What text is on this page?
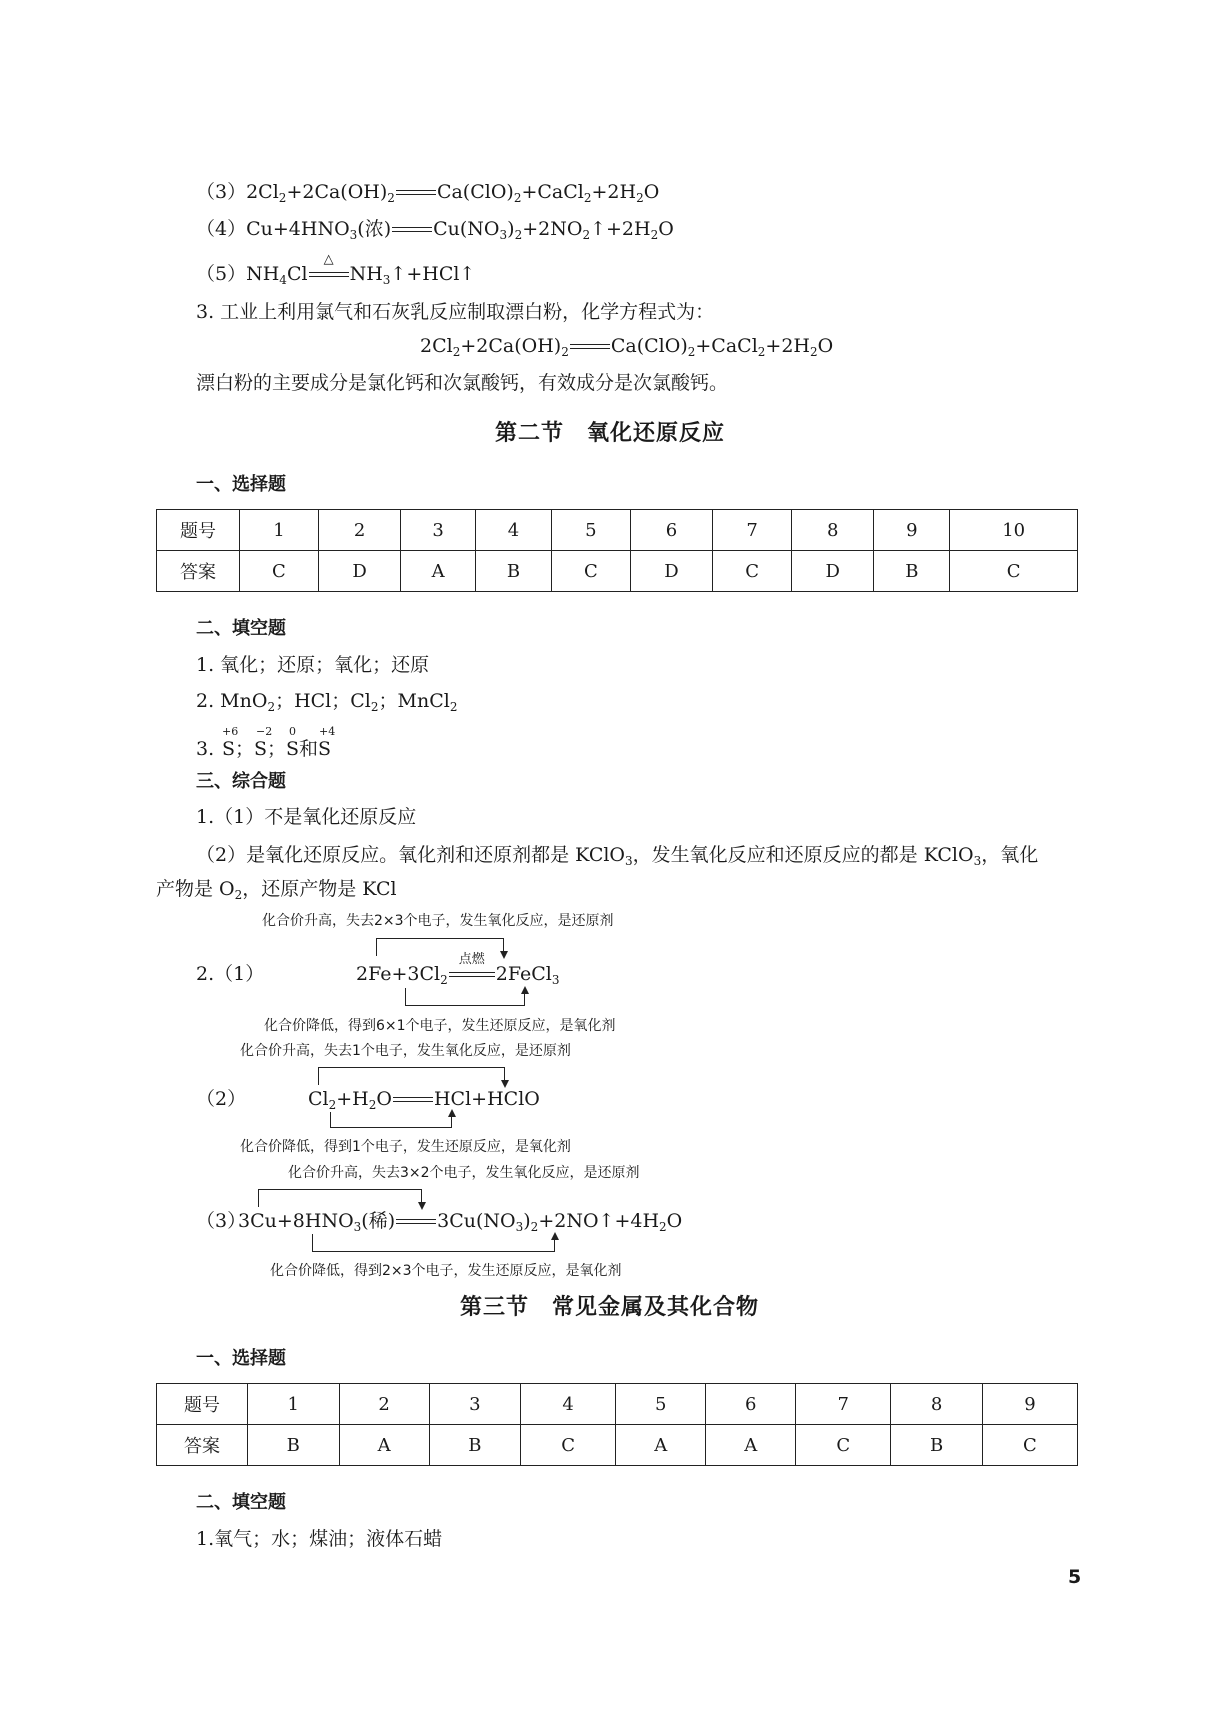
$(3)2Cl_2+2Ca(OH)_2$ $Ca(ClO)_2+CaCl_2+2H_2O$
$(4)Cu+4HNO_3$(浓) $Cu(NO_3)_2+2NO_2↑+2H_2O$
$(5)NH_4Cl$
△
$NH_3↑+HCl↑$
3. 工业上利用氯气和石灰乳反应制取漂白粉，化学方程式为：
$2Cl_2+2Ca(OH)_2$ $Ca(ClO)_2+CaCl_2+2H_2O$
漂白粉的主要成分是氯化钙和次氯酸钙，有效成分是次氯酸钙。
第二节　氧化还原反应
一、选择题
题号	1	2	3	4	5	6	7	8	9	10
答案	C	D	A	B	C	D	C	D	B	C
二、填空题
1. 氧化；还原；氧化；还原
2. MnO$_2$；HCl；$Cl_2$；MnCl$_2$
3.
+6 −2 0 +4
S；S；S和S
三、综合题
1.（1）不是氧化还原反应
（2）是氧化还原反应。氧化剂和还原剂都是 KClO$_3$，发生氧化反应和还原反应的都是 KClO$_3$，氧化
产物是 $O_2$，还原产物是 KCl
化合价升高，失去2×3个电子，发生氧化反应，是还原剂
2.（1）	$2Fe+3Cl_2$
点燃
2FeCl$_3$
化合价降低，得到6×1个电子，发生还原反应，是氧化剂
化合价升高，失去1个电子，发生氧化反应，是还原剂
（2）	$Cl_2+H_2O$ HCl+HClO
化合价降低，得到1个电子，发生还原反应，是氧化剂
化合价升高，失去3×2个电子，发生氧化反应，是还原剂
（3）
$3Cu+8HNO_3$(稀) $3Cu(NO_3)_2+2NO↑+4H_2O$
化合价降低，得到2×3个电子，发生还原反应，是氧化剂
第三节　常见金属及其化合物
一、选择题
题号	1	2	3	4	5	6	7	8	9
答案	B	A	B	C	A	A	C	B	C
二、填空题
1.氧气；水；煤油；液体石蜡
5
